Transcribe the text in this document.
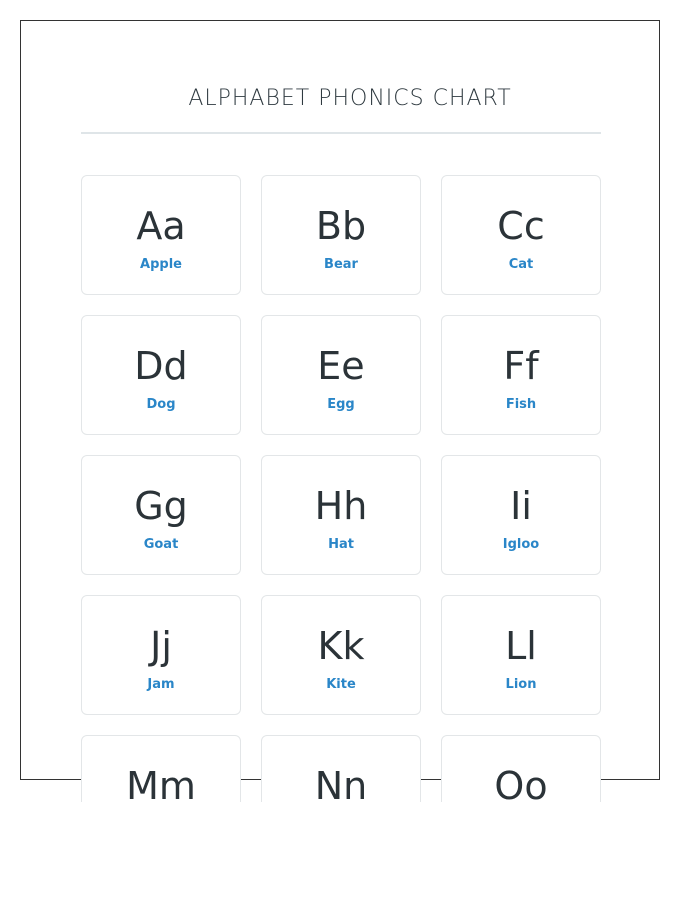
ALPHABET PHONICS CHART
Aa
Apple
Bb
Bear
Cc
Cat
Dd
Dog
Ee
Egg
Ff
Fish
Gg
Goat
Hh
Hat
Ii
Igloo
Jj
Jam
Kk
Kite
Ll
Lion
Mm	Nn	Oo
